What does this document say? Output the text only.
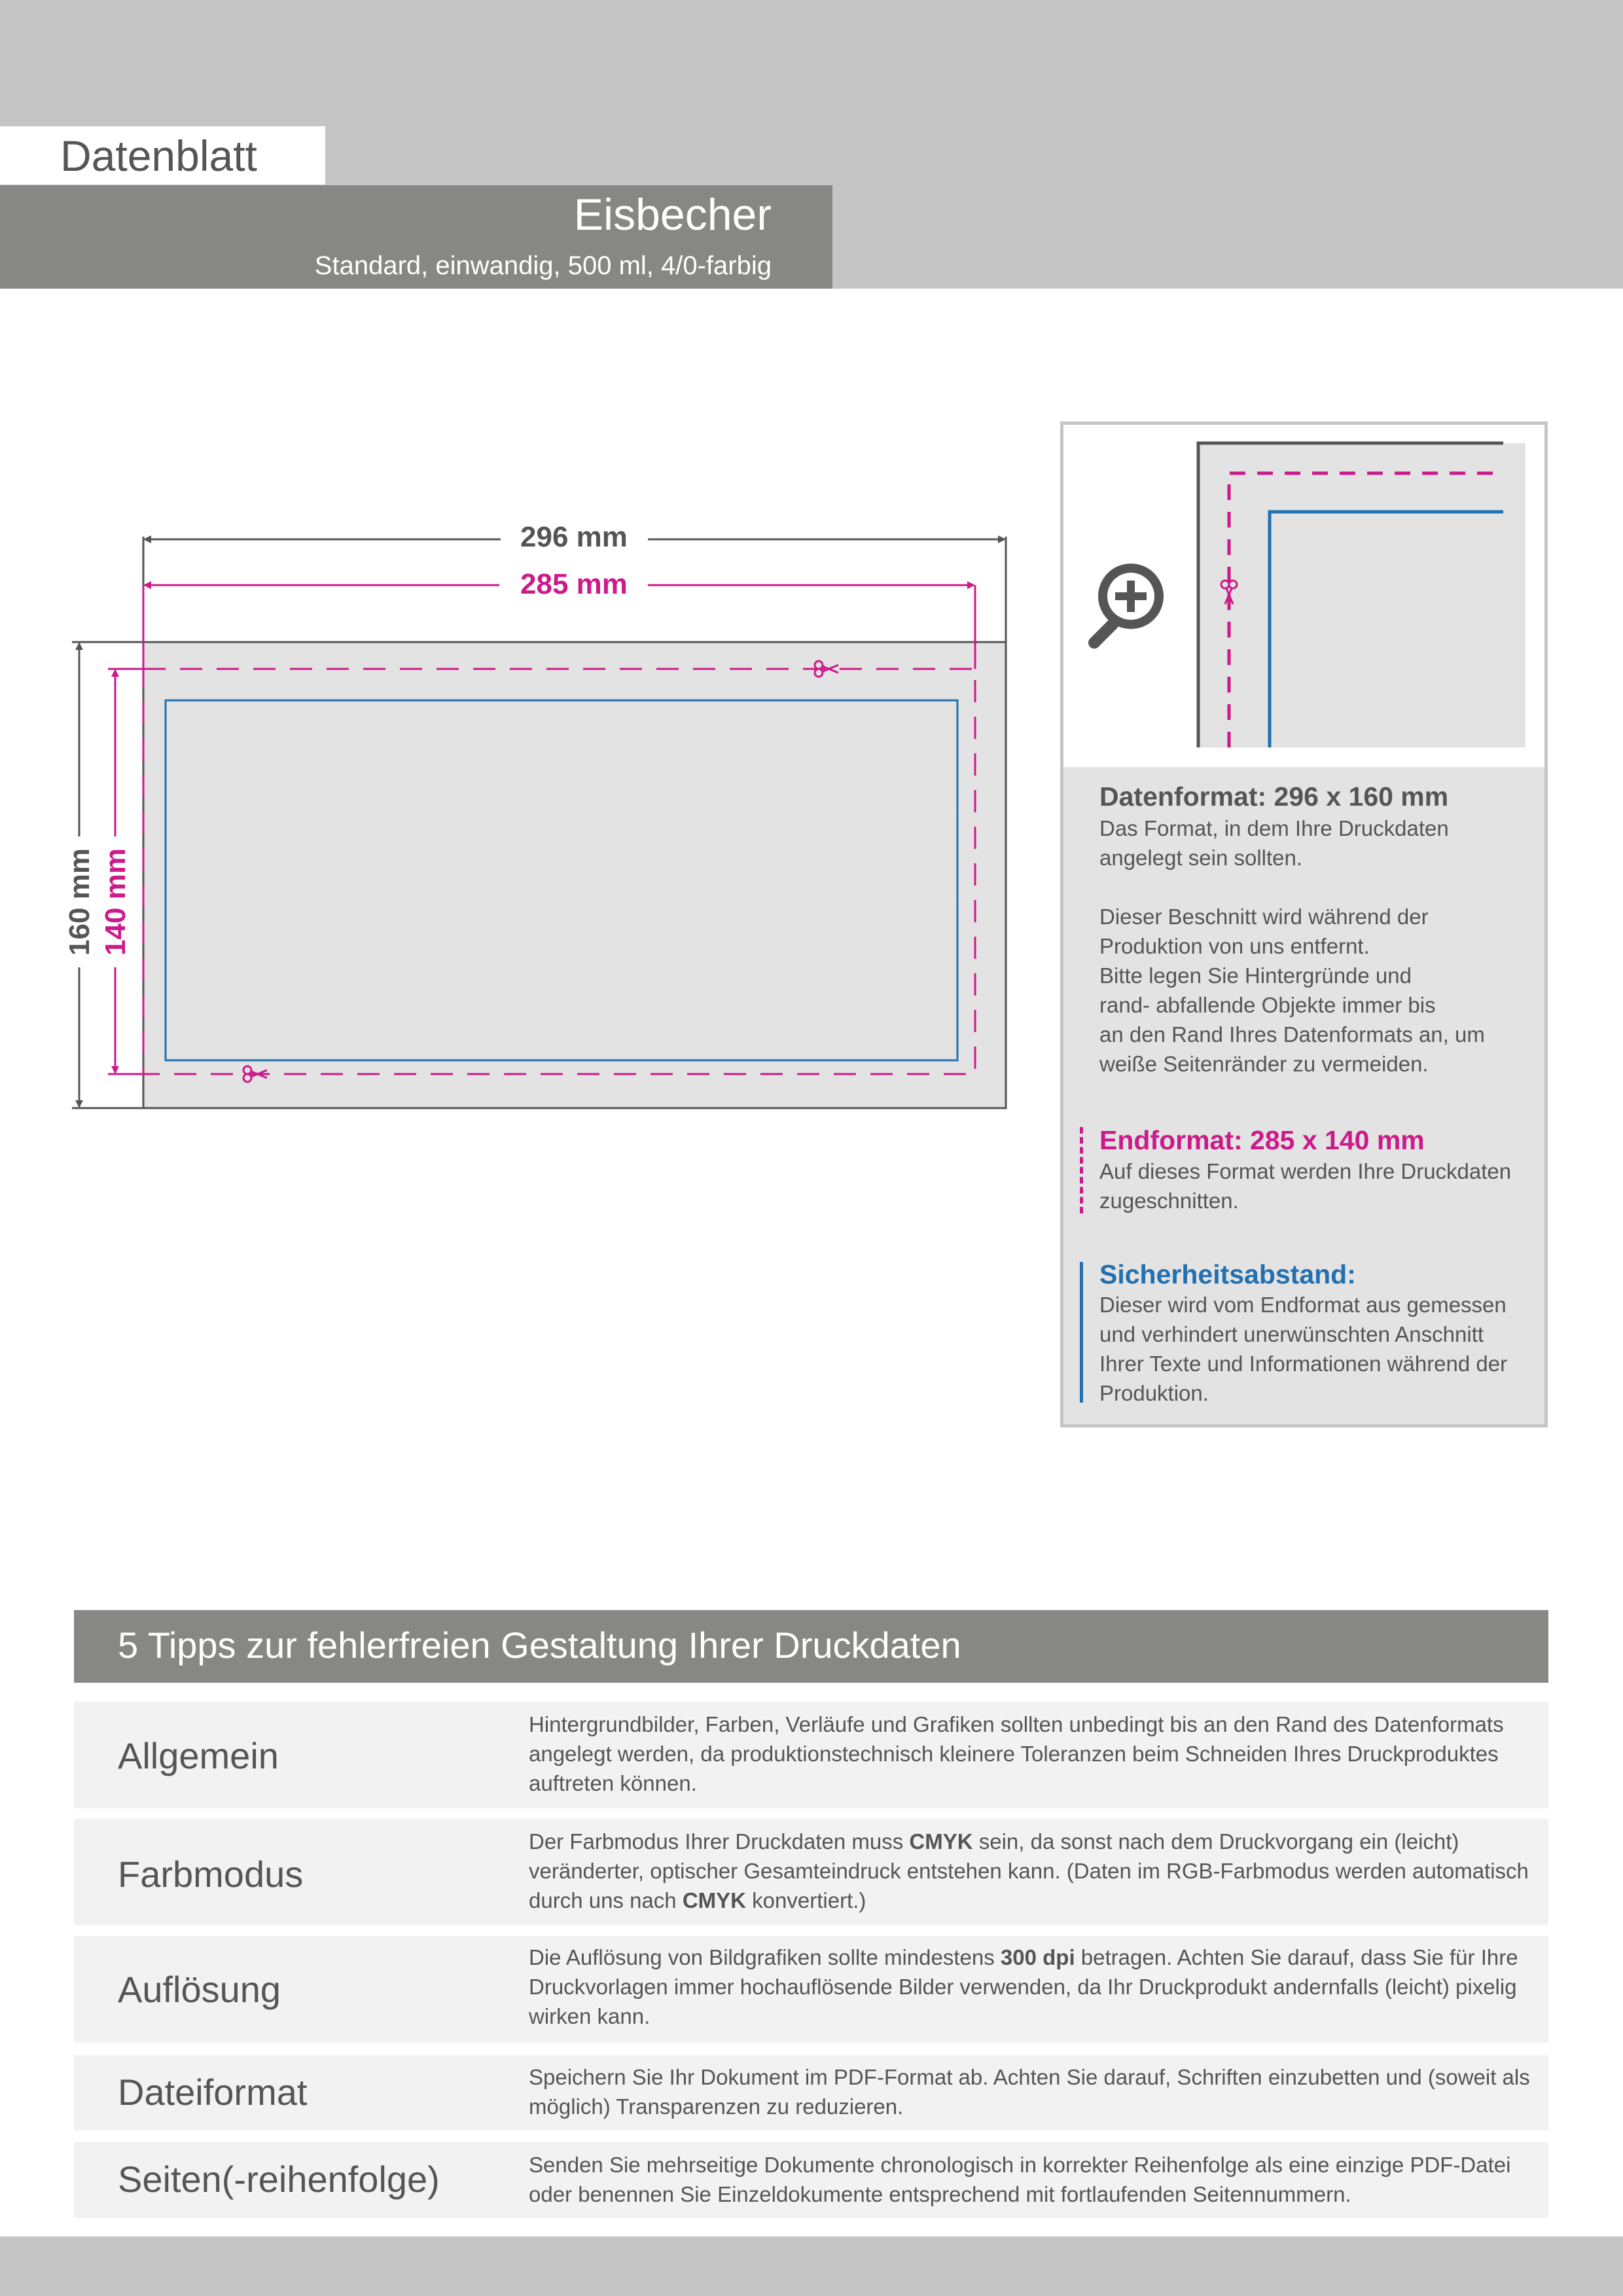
Datenblatt
Eisbecher
Standard, einwandig, 500 ml, 4/0-farbig
296 mm
285 mm
160 mm 140 mm
Datenformat: 296 x 160 mm
Das Format, in dem Ihre Druckdaten
angelegt sein sollten.
Dieser Beschnitt wird während der
Produktion von uns entfernt.
Bitte legen Sie Hintergründe und
rand- abfallende Objekte immer bis
an den Rand Ihres Datenformats an, um
weiße Seitenränder zu vermeiden.
Endformat: 285 x 140 mm
Auf dieses Format werden Ihre Druckdaten
zugeschnitten.
Sicherheitsabstand:
Dieser wird vom Endformat aus gemessen
und verhindert unerwünschten Anschnitt
Ihrer Texte und Informationen während der
Produktion.
5 Tipps zur fehlerfreien Gestaltung Ihrer Druckdaten
Allgemein
Hintergrundbilder, Farben, Verläufe und Grafiken sollten unbedingt bis an den Rand des Datenformats angelegt werden, da produktionstechnisch kleinere Toleranzen beim Schneiden Ihres Druckproduktes auftreten können.
Farbmodus
Der Farbmodus Ihrer Druckdaten muss CMYK sein, da sonst nach dem Druckvorgang ein (leicht) veränderter, optischer Gesamteindruck entstehen kann. (Daten im RGB-Farbmodus werden automatisch durch uns nach CMYK konvertiert.)
Auflösung
Die Auflösung von Bildgrafiken sollte mindestens 300 dpi betragen. Achten Sie darauf, dass Sie für Ihre Druckvorlagen immer hochauflösende Bilder verwenden, da Ihr Druckprodukt andernfalls (leicht) pixelig wirken kann.
Dateiformat	Speichern Sie Ihr Dokument im PDF-Format ab. Achten Sie darauf, Schriften einzubetten und (soweit als möglich) Transparenzen zu reduzieren.
Seiten(-reihenfolge)	Senden Sie mehrseitige Dokumente chronologisch in korrekter Reihenfolge als eine einzige PDF-Datei oder benennen Sie Einzeldokumente entsprechend mit fortlaufenden Seitennummern.
